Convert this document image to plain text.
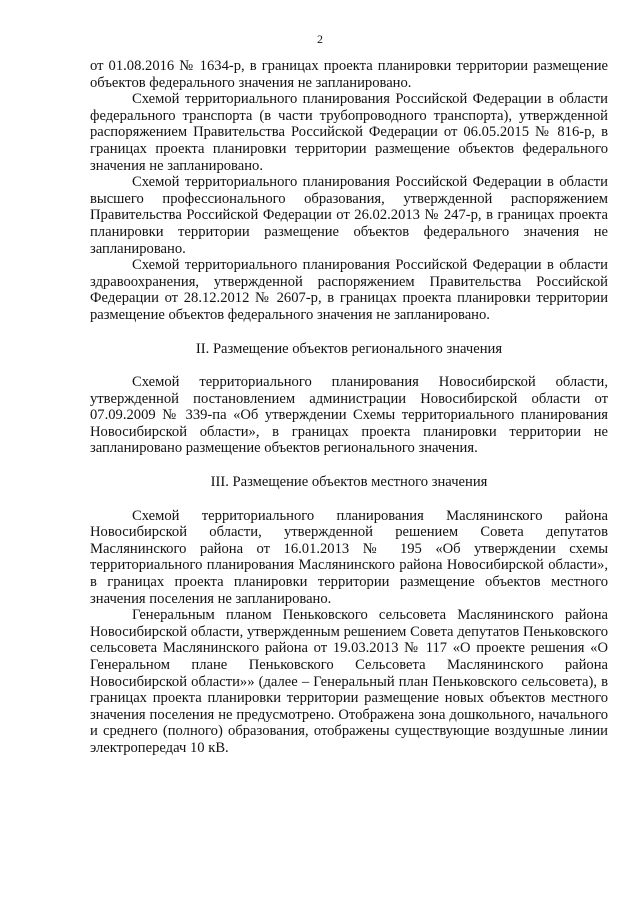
2

от 01.08.2016 № 1634-р, в границах проекта планировки территории размещение объектов федерального значения не запланировано.

Схемой территориального планирования Российской Федерации в области федерального транспорта (в части трубопроводного транспорта), утвержденной распоряжением Правительства Российской Федерации от 06.05.2015 № 816-р, в границах проекта планировки территории размещение объектов федерального значения не запланировано.

Схемой территориального планирования Российской Федерации в области высшего профессионального образования, утвержденной распоряжением Правительства Российской Федерации от 26.02.2013 № 247-р, в границах проекта планировки территории размещение объектов федерального значения не запланировано.

Схемой территориального планирования Российской Федерации в области здравоохранения, утвержденной распоряжением Правительства Российской Федерации от 28.12.2012 № 2607-р, в границах проекта планировки территории размещение объектов федерального значения не запланировано.

II. Размещение объектов регионального значения

Схемой территориального планирования Новосибирской области, утвержденной постановлением администрации Новосибирской области от 07.09.2009 № 339-па «Об утверждении Схемы территориального планирования Новосибирской области», в границах проекта планировки территории не запланировано размещение объектов регионального значения.

III. Размещение объектов местного значения

Схемой территориального планирования Маслянинского района Новосибирской области, утвержденной решением Совета депутатов Маслянинского района от 16.01.2013 № 195 «Об утверждении схемы территориального планирования Маслянинского района Новосибирской области», в границах проекта планировки территории размещение объектов местного значения поселения не запланировано.

Генеральным планом Пеньковского сельсовета Маслянинского района Новосибирской области, утвержденным решением Совета депутатов Пеньковского сельсовета Маслянинского района от 19.03.2013 № 117 «О проекте решения «О Генеральном плане Пеньковского Сельсовета Маслянинского района Новосибирской области»» (далее – Генеральный план Пеньковского сельсовета), в границах проекта планировки территории размещение новых объектов местного значения поселения не предусмотрено. Отображена зона дошкольного, начального и среднего (полного) образования, отображены существующие воздушные линии электропередач 10 кВ.
